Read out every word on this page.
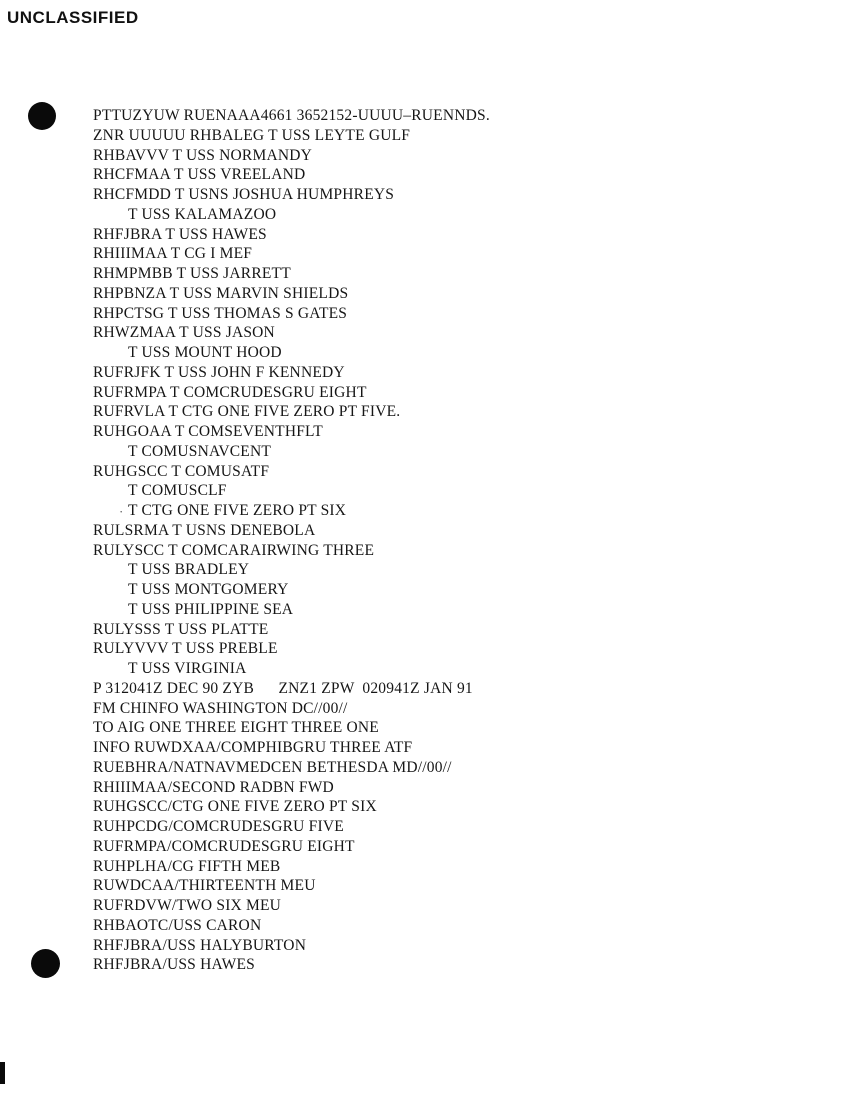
UNCLASSIFIED
PTTUZYUW RUENAAA4661 3652152-UUUU–RUENNDS.
ZNR UUUUU RHBALEG T USS LEYTE GULF
RHBAVVV T USS NORMANDY
RHCFMAA T USS VREELAND
RHCFMDD T USNS JOSHUA HUMPHREYS
T USS KALAMAZOO
RHFJBRA T USS HAWES
RHIIIMAA T CG I MEF
RHMPMBB T USS JARRETT
RHPBNZA T USS MARVIN SHIELDS
RHPCTSG T USS THOMAS S GATES
RHWZMAA T USS JASON
T USS MOUNT HOOD
RUFRJFK T USS JOHN F KENNEDY
RUFRMPA T COMCRUDESGRU EIGHT
RUFRVLA T CTG ONE FIVE ZERO PT FIVE.
RUHGOAA T COMSEVENTHFLT
T COMUSNAVCENT
RUHGSCC T COMUSATF
T COMUSCLF
· T CTG ONE FIVE ZERO PT SIX
RULSRMA T USNS DENEBOLA
RULYSCC T COMCARAIRWING THREE
T USS BRADLEY
T USS MONTGOMERY
T USS PHILIPPINE SEA
RULYSSS T USS PLATTE
RULYVVV T USS PREBLE
T USS VIRGINIA
P 312041Z DEC 90 ZYB      ZNZ1 ZPW  020941Z JAN 91
FM CHINFO WASHINGTON DC//00//
TO AIG ONE THREE EIGHT THREE ONE
INFO RUWDXAA/COMPHIBGRU THREE ATF
RUEBHRA/NATNAVMEDCEN BETHESDA MD//00//
RHIIIMAA/SECOND RADBN FWD
RUHGSCC/CTG ONE FIVE ZERO PT SIX
RUHPCDG/COMCRUDESGRU FIVE
RUFRMPA/COMCRUDESGRU EIGHT
RUHPLHA/CG FIFTH MEB
RUWDCAA/THIRTEENTH MEU
RUFRDVW/TWO SIX MEU
RHBAOTC/USS CARON
RHFJBRA/USS HALYBURTON
RHFJBRA/USS HAWES
